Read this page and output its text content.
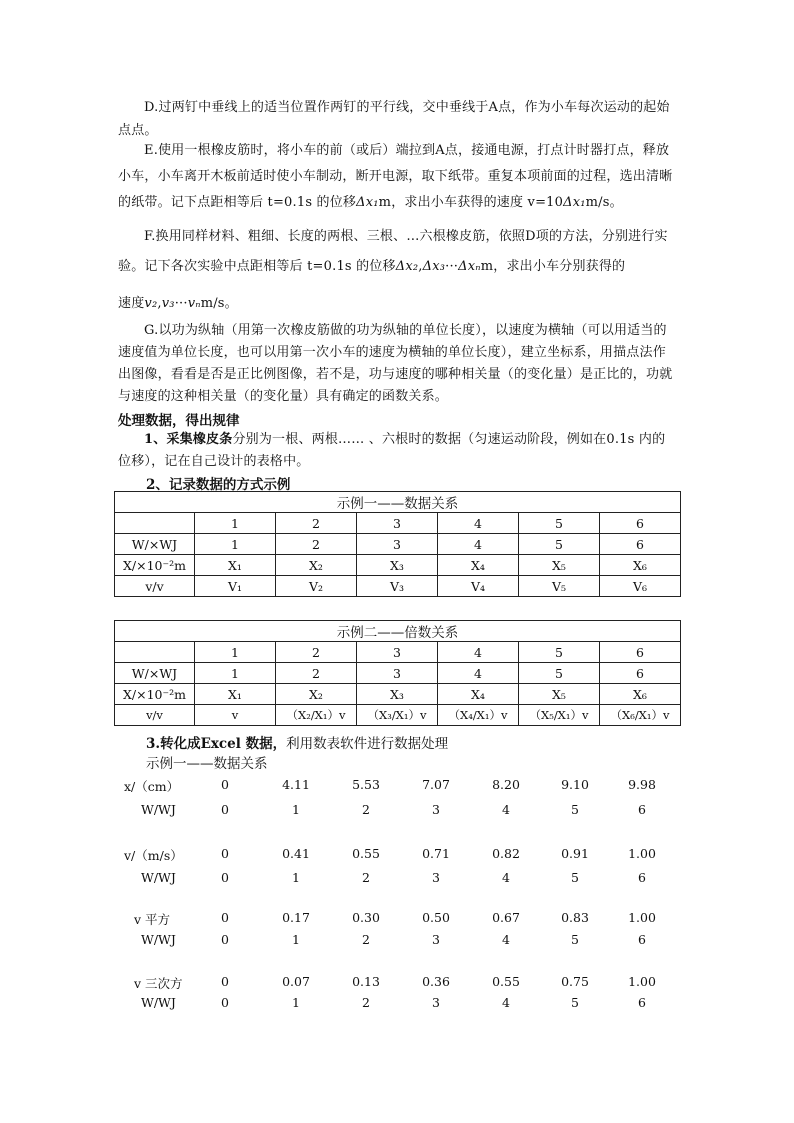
D.过两钉中垂线上的适当位置作两钉的平行线，交中垂线于A点，作为小车每次运动的起始点点。
E.使用一根橡皮筋时，将小车的前（或后）端拉到A点，接通电源，打点计时器打点，释放小车，小车离开木板前适时使小车制动，断开电源，取下纸带。重复本项前面的过程，选出清晰的纸带。记下点距相等后 t=0.1s 的位移Δx₁m，求出小车获得的速度 v=10Δx₁m/s。
F.换用同样材料、粗细、长度的两根、三根、…六根橡皮筋，依照D项的方法，分别进行实验。记下各次实验中点距相等后 t=0.1s 的位移Δx₂,Δx₃···Δxₙm，求出小车分别获得的
速度v₂,v₃···vₙm/s。
G.以功为纵轴（用第一次橡皮筋做的功为纵轴的单位长度），以速度为横轴（可以用适当的速度值为单位长度，也可以用第一次小车的速度为横轴的单位长度），建立坐标系，用描点法作出图像，看看是否是正比例图像，若不是，功与速度的哪种相关量（的变化量）是正比的，功就与速度的这种相关量（的变化量）具有确定的函数关系。
处理数据，得出规律
1、采集橡皮条分别为一根、两根…… 、六根时的数据（匀速运动阶段，例如在0.1s 内的位移），记在自己设计的表格中。
2、记录数据的方式示例
示例一——数据关系						
	1	2	3	4	5	6
W/×WJ	1	2	3	4	5	6
X/×10⁻²m	X₁	X₂	X₃	X₄	X₅	X₆
v/v	V₁	V₂	V₃	V₄	V₅	V₆
示例二——倍数关系						
	1	2	3	4	5	6
W/×WJ	1	2	3	4	5	6
X/×10⁻²m	X₁	X₂	X₃	X₄	X₅	X₆
v/v	v	（X₂/X₁）v	（X₃/X₁）v	（X₄/X₁）v	（X₅/X₁）v	（X₆/X₁）v
3.转化成Excel 数据，利用数表软件进行数据处理
示例一——数据关系
x/（cm）	0	4.11	5.53	7.07	8.20	9.10	9.98
W/WJ	0	1	2	3	4	5	6
v/（m/s）	0	0.41	0.55	0.71	0.82	0.91	1.00
W/WJ	0	1	2	3	4	5	6
v 平方	0	0.17	0.30	0.50	0.67	0.83	1.00
W/WJ	0	1	2	3	4	5	6
v 三次方	0	0.07	0.13	0.36	0.55	0.75	1.00
W/WJ	0	1	2	3	4	5	6
